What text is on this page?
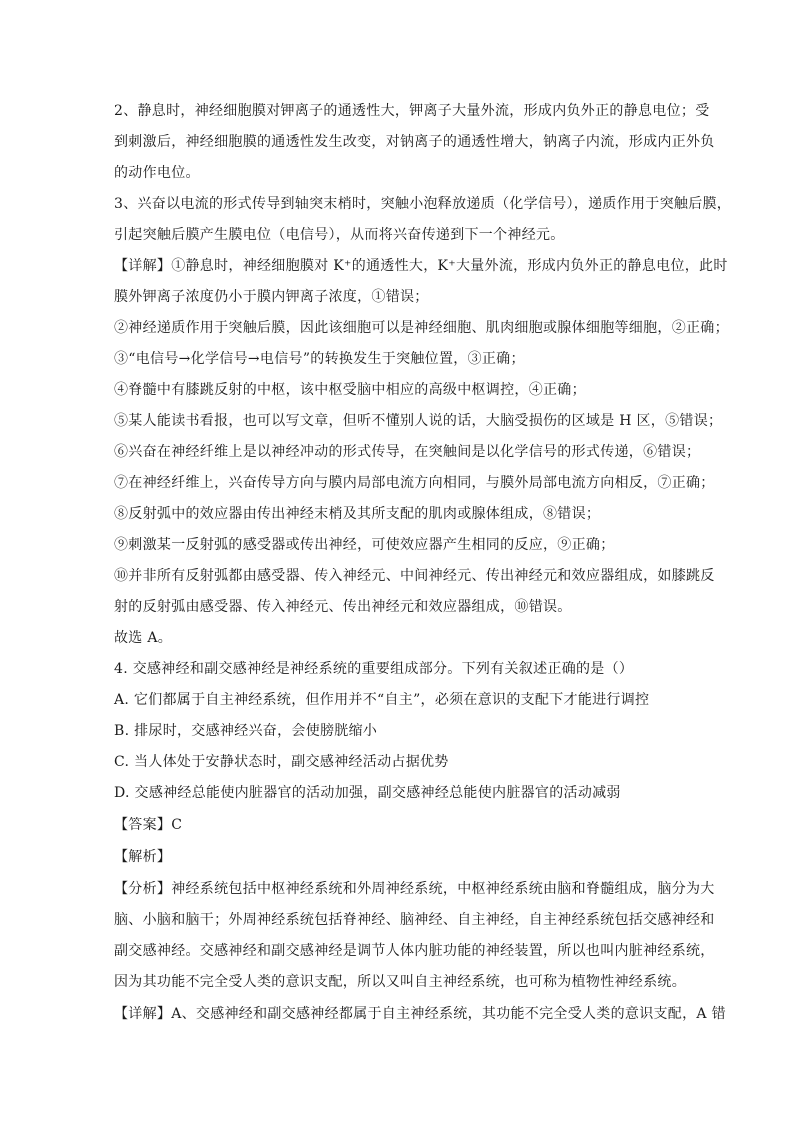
2、静息时，神经细胞膜对钾离子的通透性大，钾离子大量外流，形成内负外正的静息电位；受
到刺激后，神经细胞膜的通透性发生改变，对钠离子的通透性增大，钠离子内流，形成内正外负
的动作电位。
3、兴奋以电流的形式传导到轴突末梢时，突触小泡释放递质（化学信号），递质作用于突触后膜，
引起突触后膜产生膜电位（电信号），从而将兴奋传递到下一个神经元。
【详解】①静息时，神经细胞膜对 K⁺的通透性大，K⁺大量外流，形成内负外正的静息电位，此时
膜外钾离子浓度仍小于膜内钾离子浓度，①错误；
②神经递质作用于突触后膜，因此该细胞可以是神经细胞、肌肉细胞或腺体细胞等细胞，②正确；
③“电信号→化学信号→电信号”的转换发生于突触位置，③正确；
④脊髓中有膝跳反射的中枢，该中枢受脑中相应的高级中枢调控，④正确；
⑤某人能读书看报，也可以写文章，但听不懂别人说的话，大脑受损伤的区域是 H 区，⑤错误；
⑥兴奋在神经纤维上是以神经冲动的形式传导，在突触间是以化学信号的形式传递，⑥错误；
⑦在神经纤维上，兴奋传导方向与膜内局部电流方向相同，与膜外局部电流方向相反，⑦正确；
⑧反射弧中的效应器由传出神经末梢及其所支配的肌肉或腺体组成，⑧错误；
⑨刺激某一反射弧的感受器或传出神经，可使效应器产生相同的反应，⑨正确；
⑩并非所有反射弧都由感受器、传入神经元、中间神经元、传出神经元和效应器组成，如膝跳反
射的反射弧由感受器、传入神经元、传出神经元和效应器组成，⑩错误。
故选 A。
4. 交感神经和副交感神经是神经系统的重要组成部分。下列有关叙述正确的是（）
A. 它们都属于自主神经系统，但作用并不“自主”，必须在意识的支配下才能进行调控
B. 排尿时，交感神经兴奋，会使膀胱缩小
C. 当人体处于安静状态时，副交感神经活动占据优势
D. 交感神经总能使内脏器官的活动加强，副交感神经总能使内脏器官的活动减弱
【答案】C
【解析】
【分析】神经系统包括中枢神经系统和外周神经系统，中枢神经系统由脑和脊髓组成，脑分为大
脑、小脑和脑干；外周神经系统包括脊神经、脑神经、自主神经，自主神经系统包括交感神经和
副交感神经。交感神经和副交感神经是调节人体内脏功能的神经装置，所以也叫内脏神经系统，
因为其功能不完全受人类的意识支配，所以又叫自主神经系统，也可称为植物性神经系统。
【详解】A、交感神经和副交感神经都属于自主神经系统，其功能不完全受人类的意识支配，A 错
